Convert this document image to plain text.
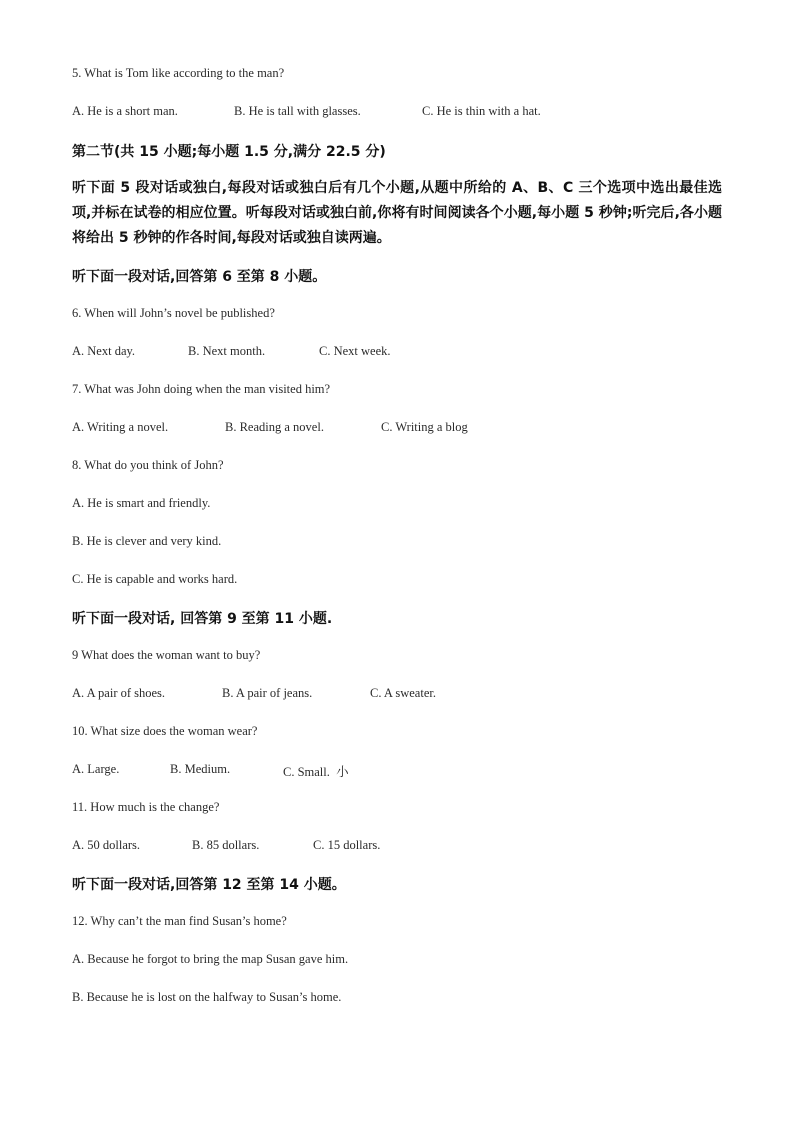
5. What is Tom like according to the man?
A. He is a short man.	B. He is tall with glasses.	C. He is thin with a hat.
第二节(共 15 小题;每小题 1.5 分,满分 22.5 分)
听下面 5 段对话或独白,每段对话或独白后有几个小题,从题中所给的 A、B、C 三个选项中选出最佳选项,并标在试卷的相应位置。听每段对话或独白前,你将有时间阅读各个小题,每小题 5 秒钟;听完后,各小题将给出 5 秒钟的作各时间,每段对话或独自读两遍。
听下面一段对话,回答第 6 至第 8 小题。
6. When will John’s novel be published?
A. Next day.	B. Next month.	C. Next week.
7. What was John doing when the man visited him?
A. Writing a novel.	B. Reading a novel.	C. Writing a blog
8. What do you think of John?
A. He is smart and friendly.
B. He is clever and very kind.
C. He is capable and works hard.
听下面一段对话, 回答第 9 至第 11 小题.
9 What does the woman want to buy?
A. A pair of shoes.	B. A pair of jeans.	C. A sweater.
10. What size does the woman wear?
A. Large.	B. Medium.	C. Small.  小
11. How much is the change?
A. 50 dollars.	B. 85 dollars.	C. 15 dollars.
听下面一段对话,回答第 12 至第 14 小题。
12. Why can’t the man find Susan’s home?
A. Because he forgot to bring the map Susan gave him.
B. Because he is lost on the halfway to Susan’s home.
